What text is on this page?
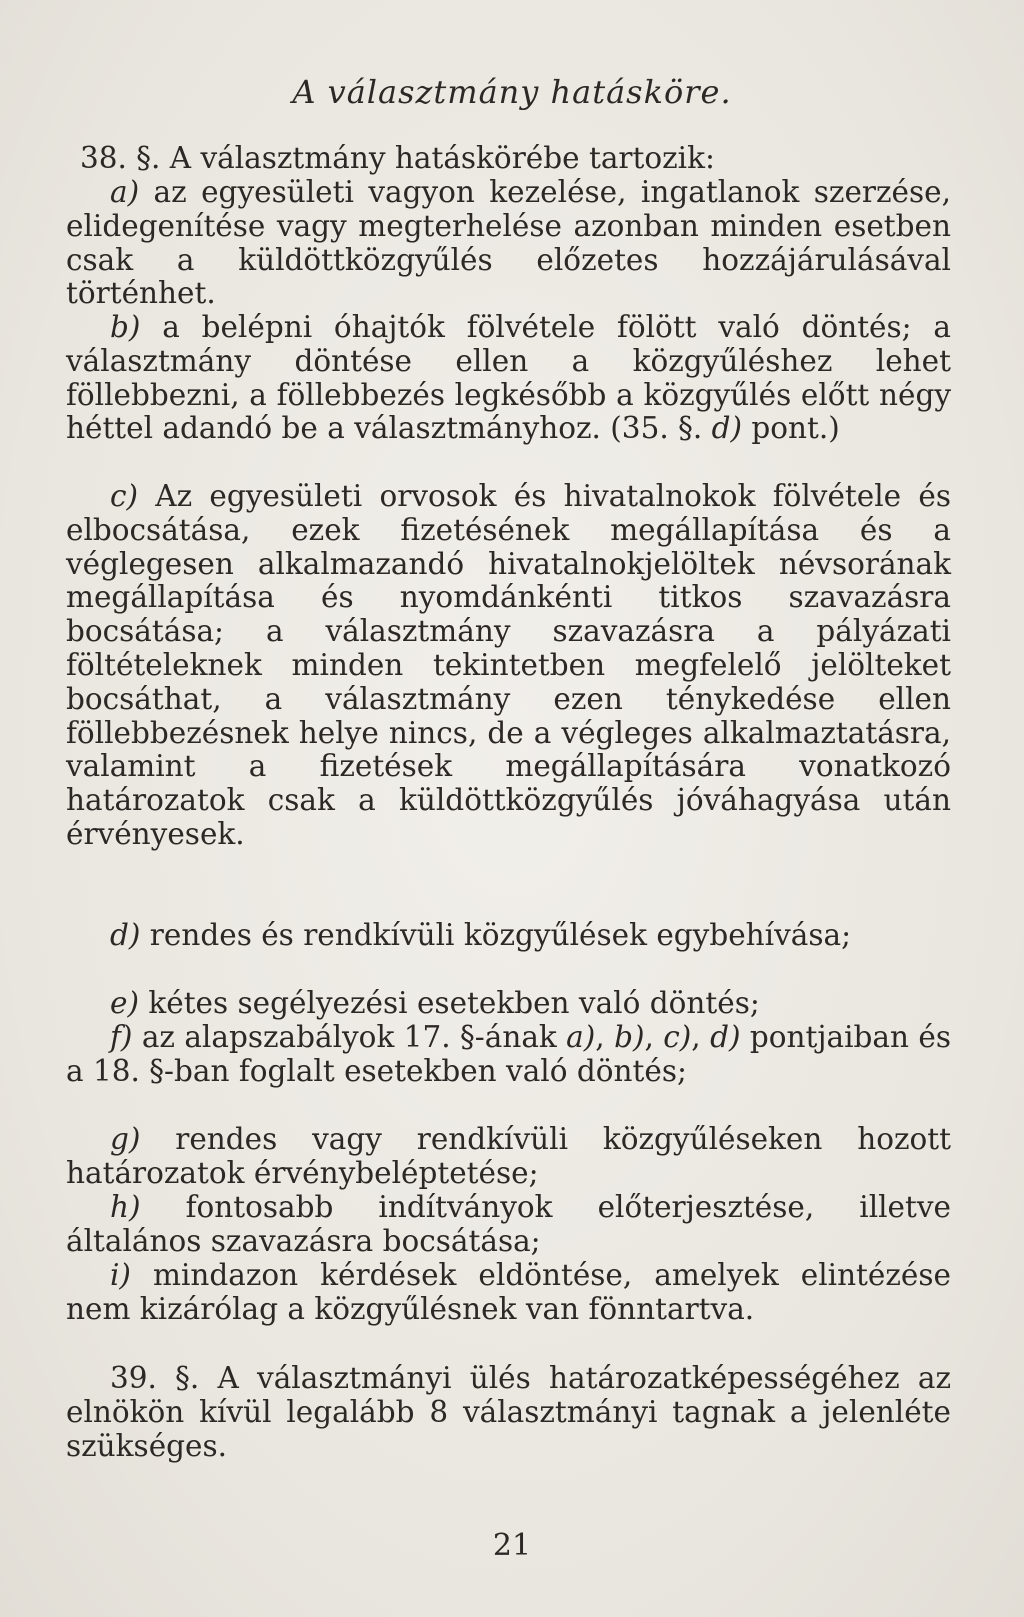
A választmány hatásköre.

38. §. A választmány hatáskörébe tartozik:

a) az egyesületi vagyon kezelése, ingatlanok szerzése, elidegenítése vagy megterhelése azonban minden esetben csak a küldöttközgyűlés előzetes hozzájárulásával történhet.

b) a belépni óhajtók fölvétele fölött való döntés; a választmány döntése ellen a közgyűléshez lehet föllebbezni, a föllebbezés legkésőbb a közgyűlés előtt négy héttel adandó be a választmányhoz. (35. §. d) pont.)

c) Az egyesületi orvosok és hivatalnokok fölvétele és elbocsátása, ezek fizetésének megállapítása és a véglegesen alkalmazandó hivatalnokjelöltek névsorának megállapítása és nyomdánkénti titkos szavazásra bocsátása; a választmány szavazásra a pályázati föltételeknek minden tekintetben megfelelő jelölteket bocsáthat, a választmány ezen ténykedése ellen föllebbezésnek helye nincs, de a végleges alkalmaztatásra, valamint a fizetések megállapítására vonatkozó határozatok csak a küldöttközgyűlés jóváhagyása után érvényesek.

d) rendes és rendkívüli közgyűlések egybehívása;

e) kétes segélyezési esetekben való döntés;

f) az alapszabályok 17. §-ának a), b), c), d) pontjaiban és a 18. §-ban foglalt esetekben való döntés;

g) rendes vagy rendkívüli közgyűléseken hozott határozatok érvénybeléptetése;

h) fontosabb indítványok előterjesztése, illetve általános szavazásra bocsátása;

i) mindazon kérdések eldöntése, amelyek elintézése nem kizárólag a közgyűlésnek van fönntartva.

39. §. A választmányi ülés határozatképességéhez az elnökön kívül legalább 8 választmányi tagnak a jelenléte szükséges.

21
